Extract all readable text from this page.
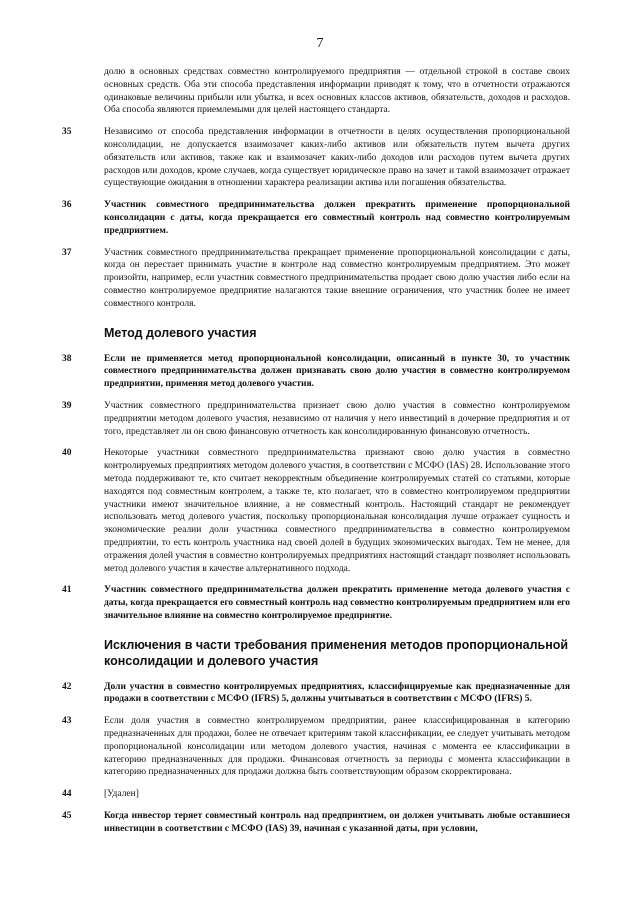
7
долю в основных средствах совместно контролируемого предприятия — отдельной строкой в составе своих основных средств. Оба эти способа представления информации приводят к тому, что в отчетности отражаются одинаковые величины прибыли или убытка, и всех основных классов активов, обязательств, доходов и расходов. Оба способа являются приемлемыми для целей настоящего стандарта.
35	Независимо от способа представления информации в отчетности в целях осуществления пропорциональной консолидации, не допускается взаимозачет каких-либо активов или обязательств путем вычета других обязательств или активов, также как и взаимозачет каких-либо доходов или расходов путем вычета других расходов или доходов, кроме случаев, когда существует юридическое право на зачет и такой взаимозачет отражает существующие ожидания в отношении характера реализации актива или погашения обязательства.
36	Участник совместного предпринимательства должен прекратить применение пропорциональной консолидации с даты, когда прекращается его совместный контроль над совместно контролируемым предприятием.
37	Участник совместного предпринимательства прекращает применение пропорциональной консолидации с даты, когда он перестает принимать участие в контроле над совместно контролируемым предприятием. Это может произойти, например, если участник совместного предпринимательства продает свою долю участия либо если на совместно контролируемое предприятие налагаются такие внешние ограничения, что участник более не имеет совместного контроля.
Метод долевого участия
38	Если не применяется метод пропорциональной консолидации, описанный в пункте 30, то участник совместного предпринимательства должен признавать свою долю участия в совместно контролируемом предприятии, применяя метод долевого участия.
39	Участник совместного предпринимательства признает свою долю участия в совместно контролируемом предприятии методом долевого участия, независимо от наличия у него инвестиций в дочерние предприятия и от того, представляет ли он свою финансовую отчетность как консолидированную финансовую отчетность.
40	Некоторые участники совместного предпринимательства признают свою долю участия в совместно контролируемых предприятиях методом долевого участия, в соответствии с МСФО (IAS) 28. Использование этого метода поддерживают те, кто считает некорректным объединение контролируемых статей со статьями, которые находятся под совместным контролем, а также те, кто полагает, что в совместно контролируемом предприятии участники имеют значительное влияние, а не совместный контроль. Настоящий стандарт не рекомендует использовать метод долевого участия, поскольку пропорциональная консолидация лучше отражает сущность и экономические реалии доли участника совместного предпринимательства в совместно контролируемом предприятии, то есть контроль участника над своей долей в будущих экономических выгодах. Тем не менее, для отражения долей участия в совместно контролируемых предприятиях настоящий стандарт позволяет использовать метод долевого участия в качестве альтернативного подхода.
41	Участник совместного предпринимательства должен прекратить применение метода долевого участия с даты, когда прекращается его совместный контроль над совместно контролируемым предприятием или его значительное влияние на совместно контролируемое предприятие.
Исключения в части требования применения методов пропорциональной консолидации и долевого участия
42	Доли участия в совместно контролируемых предприятиях, классифицируемые как предназначенные для продажи в соответствии с МСФО (IFRS) 5, должны учитываться в соответствии с МСФО (IFRS) 5.
43	Если доля участия в совместно контролируемом предприятии, ранее классифицированная в категорию предназначенных для продажи, более не отвечает критериям такой классификации, ее следует учитывать методом пропорциональной консолидации или методом долевого участия, начиная с момента ее классификации в категорию предназначенных для продажи. Финансовая отчетность за периоды с момента классификации в категорию предназначенных для продажи должна быть соответствующим образом скорректирована.
44	[Удален]
45	Когда инвестор теряет совместный контроль над предприятием, он должен учитывать любые оставшиеся инвестиции в соответствии с МСФО (IAS) 39, начиная с указанной даты, при условии,
